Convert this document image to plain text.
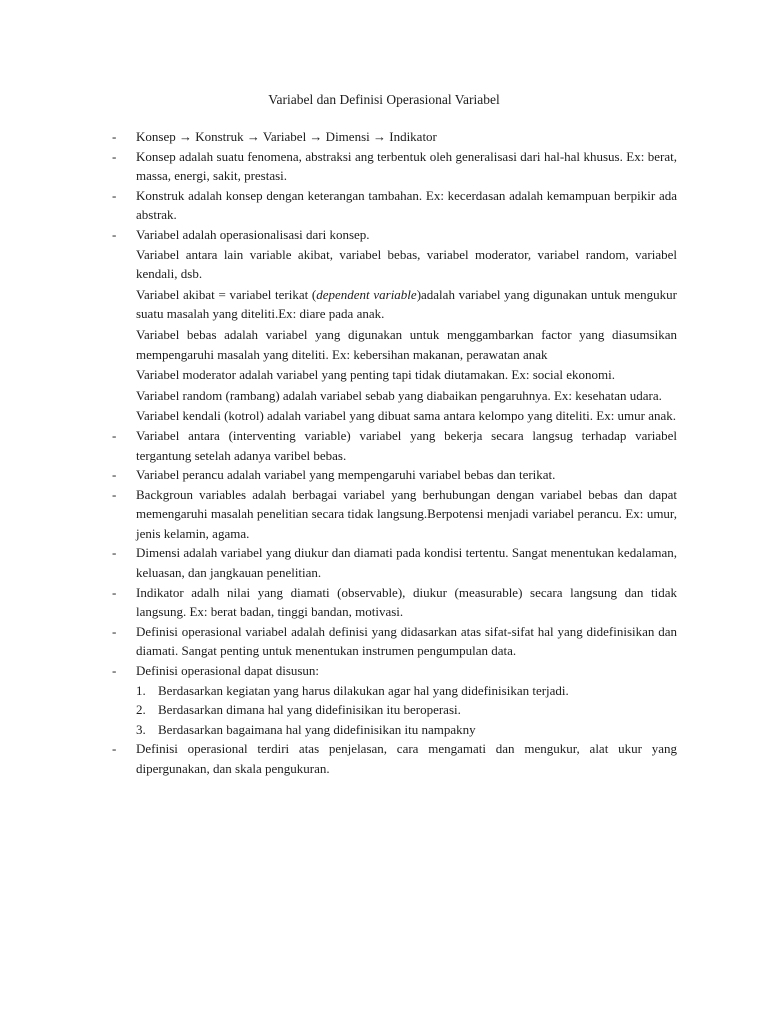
Variabel dan Definisi Operasional Variabel
-	Konsep → Konstruk → Variabel → Dimensi → Indikator
-	Konsep adalah suatu fenomena, abstraksi ang terbentuk oleh generalisasi dari hal-hal khusus. Ex: berat, massa, energi, sakit, prestasi.
-	Konstruk adalah konsep dengan keterangan tambahan. Ex: kecerdasan adalah kemampuan berpikir ada abstrak.
-	Variabel adalah operasionalisasi dari konsep.
Variabel antara lain variable akibat, variabel bebas, variabel moderator, variabel random, variabel kendali, dsb.
Variabel akibat = variabel terikat (dependent variable)adalah variabel yang digunakan untuk mengukur suatu masalah yang diteliti.Ex: diare pada anak.
Variabel bebas adalah variabel yang digunakan untuk menggambarkan factor yang diasumsikan mempengaruhi masalah yang diteliti. Ex: kebersihan makanan, perawatan anak
Variabel moderator adalah variabel yang penting tapi tidak diutamakan. Ex: social ekonomi.
Variabel random (rambang) adalah variabel sebab yang diabaikan pengaruhnya. Ex: kesehatan udara.
Variabel kendali (kotrol) adalah variabel yang dibuat sama antara kelompo yang diteliti. Ex: umur anak.
-	Variabel antara (interventing variable) variabel yang bekerja secara langsug terhadap variabel tergantung setelah adanya varibel bebas.
-	Variabel perancu adalah variabel yang mempengaruhi variabel bebas dan terikat.
-	Backgroun variables adalah berbagai variabel yang berhubungan dengan variabel bebas dan dapat memengaruhi masalah penelitian secara tidak langsung.Berpotensi menjadi variabel perancu. Ex: umur, jenis kelamin, agama.
-	Dimensi adalah variabel yang diukur dan diamati pada kondisi tertentu. Sangat menentukan kedalaman, keluasan, dan jangkauan penelitian.
-	Indikator adalh nilai yang diamati (observable), diukur (measurable) secara langsung dan tidak langsung. Ex: berat badan, tinggi bandan, motivasi.
-	Definisi operasional variabel adalah definisi yang didasarkan atas sifat-sifat hal yang didefinisikan dan diamati. Sangat penting untuk menentukan instrumen pengumpulan data.
-	Definisi operasional dapat disusun:
1. Berdasarkan kegiatan yang harus dilakukan agar hal yang didefinisikan terjadi.
2. Berdasarkan dimana hal yang didefinisikan itu beroperasi.
3. Berdasarkan bagaimana hal yang didefinisikan itu nampakny
-	Definisi operasional terdiri atas penjelasan, cara mengamati dan mengukur, alat ukur yang dipergunakan, dan skala pengukuran.
